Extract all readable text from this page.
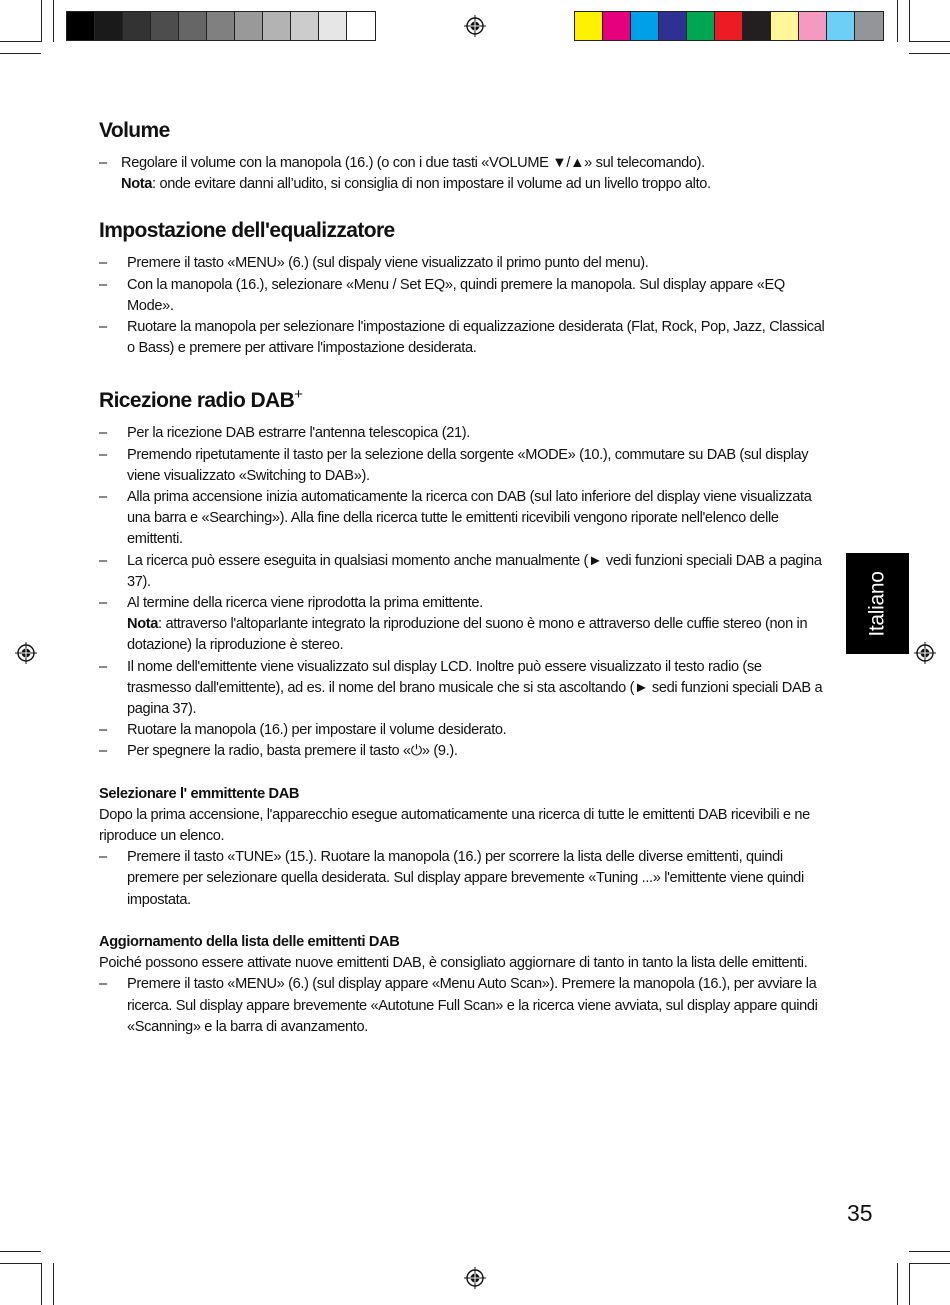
Volume
– Regolare il volume con la manopola (16.) (o con i due tasti «VOLUME ▼/▲» sul telecomando).
Nota: onde evitare danni all’udito, si consiglia di non impostare il volume ad un livello troppo alto.
Impostazione dell'equalizzatore
– Premere il tasto «MENU» (6.) (sul dispaly viene visualizzato il primo punto del menu).
– Con la manopola (16.), selezionare «Menu / Set EQ», quindi premere la manopola. Sul display appare «EQ Mode».
– Ruotare la manopola per selezionare l'impostazione di equalizzazione desiderata (Flat, Rock, Pop, Jazz, Classical o Bass) e premere per attivare l'impostazione desiderata.
Ricezione radio DAB+
– Per la ricezione DAB estrarre l'antenna telescopica (21).
– Premendo ripetutamente il tasto per la selezione della sorgente «MODE» (10.), commutare su DAB (sul display viene visualizzato «Switching to DAB»).
– Alla prima accensione inizia automaticamente la ricerca con DAB (sul lato inferiore del display viene visualizzata una barra e «Searching»). Alla fine della ricerca tutte le emittenti ricevibili vengono riporate nell'elenco delle emittenti.
– La ricerca può essere eseguita in qualsiasi momento anche manualmente (► vedi funzioni speciali DAB a pagina 37).
– Al termine della ricerca viene riprodotta la prima emittente.
Nota: attraverso l'altoparlante integrato la riproduzione del suono è mono e attraverso delle cuffie stereo (non in dotazione) la riproduzione è stereo.
– Il nome dell'emittente viene visualizzato sul display LCD. Inoltre può essere visualizzato il testo radio (se trasmesso dall'emittente), ad es. il nome del brano musicale che si sta ascoltando (► sedi funzioni speciali DAB a pagina 37).
– Ruotare la manopola (16.) per impostare il volume desiderato.
– Per spegnere la radio, basta premere il tasto «⏻» (9.).
Selezionare l' emmittente DAB

Dopo la prima accensione, l'apparecchio esegue automaticamente una ricerca di tutte le emittenti DAB ricevibili e ne riproduce un elenco.

– Premere il tasto «TUNE» (15.). Ruotare la manopola (16.) per scorrere la lista delle diverse emittenti, quindi premere per selezionare quella desiderata. Sul display appare brevemente «Tuning ...» l'emittente viene quindi impostata.
Aggiornamento della lista delle emittenti DAB

Poiché possono essere attivate nuove emittenti DAB, è consigliato aggiornare di tanto in tanto la lista delle emittenti.

– Premere il tasto «MENU» (6.) (sul display appare «Menu Auto Scan»). Premere la manopola (16.), per avviare la ricerca. Sul display appare brevemente «Autotune Full Scan» e la ricerca viene avviata, sul display appare quindi «Scanning» e la barra di avanzamento.
Italiano
35
